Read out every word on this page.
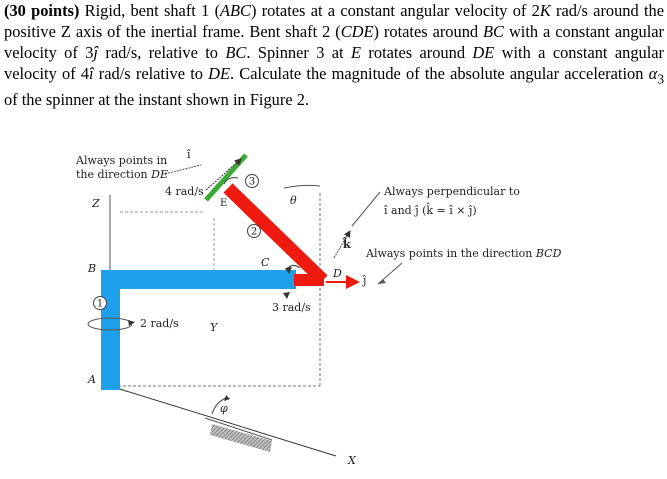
(30 points) Rigid, bent shaft 1 (ABC) rotates at a constant angular velocity of 2K rad/s around the positive Z axis of the inertial frame. Bent shaft 2 (CDE) rotates around BC with a constant angular velocity of 3ĵ rad/s, relative to BC. Spinner 3 at E rotates around DE with a constant angular velocity of 4î rad/s relative to DE. Calculate the magnitude of the absolute angular acceleration $\alpha_3$ of the spinner at the instant shown in Figure 2.
3
2
1
Always points in
the direction DE
î
4 rad/s
E
Z
B	C
D
A
Y
X
θ
φ
2 rad/s
3 rad/s
Always perpendicular to
î and ĵ (k̂ = î × ĵ)
k̂
ĵ
Always points in the direction BCD
